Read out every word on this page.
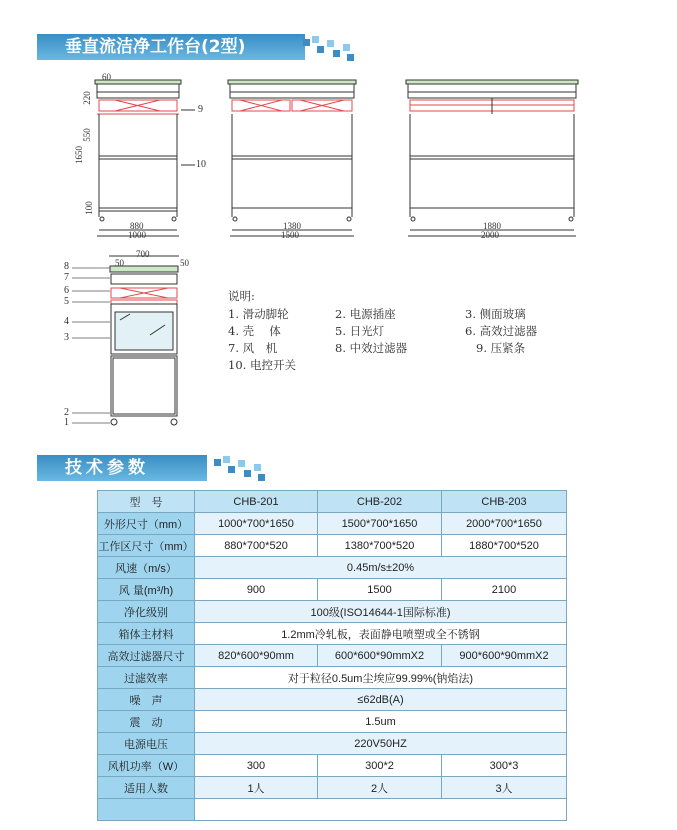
垂直流洁净工作台(2型)
60
220
550
1650
100
880
1000
1380
1500
1880
2000
700
50	50
9
10
8
7
6
5
4
3
2
1
说明:
1. 滑动脚轮	2. 电源插座	3. 侧面玻璃
4. 壳　 体	5. 日光灯	6. 高效过滤器
7. 风　机	8. 中效过滤器	9. 压紧条
10. 电控开关
技术参数
型　号	CHB-201	CHB-202	CHB-203
外形尺寸（mm）	1000*700*1650	1500*700*1650	2000*700*1650
工作区尺寸（mm）	880*700*520	1380*700*520	1880*700*520
风速（m/s）	0.45m/s±20%		
风 量(m³/h)	900	1500	2100
净化级别	100级(ISO14644-1国际标准)		
箱体主材料	1.2mm冷轧板，表面静电喷塑或全不锈钢		
高效过滤器尺寸	820*600*90mm	600*600*90mmX2	900*600*90mmX2
过滤效率	对于粒径0.5um尘埃应99.99%(钠焰法)		
噪　声	≤62dB(A)		
震　动	1.5um		
电源电压	220V50HZ		
风机功率（W）	300	300*2	300*3
适用人数	1人	2人	3人
